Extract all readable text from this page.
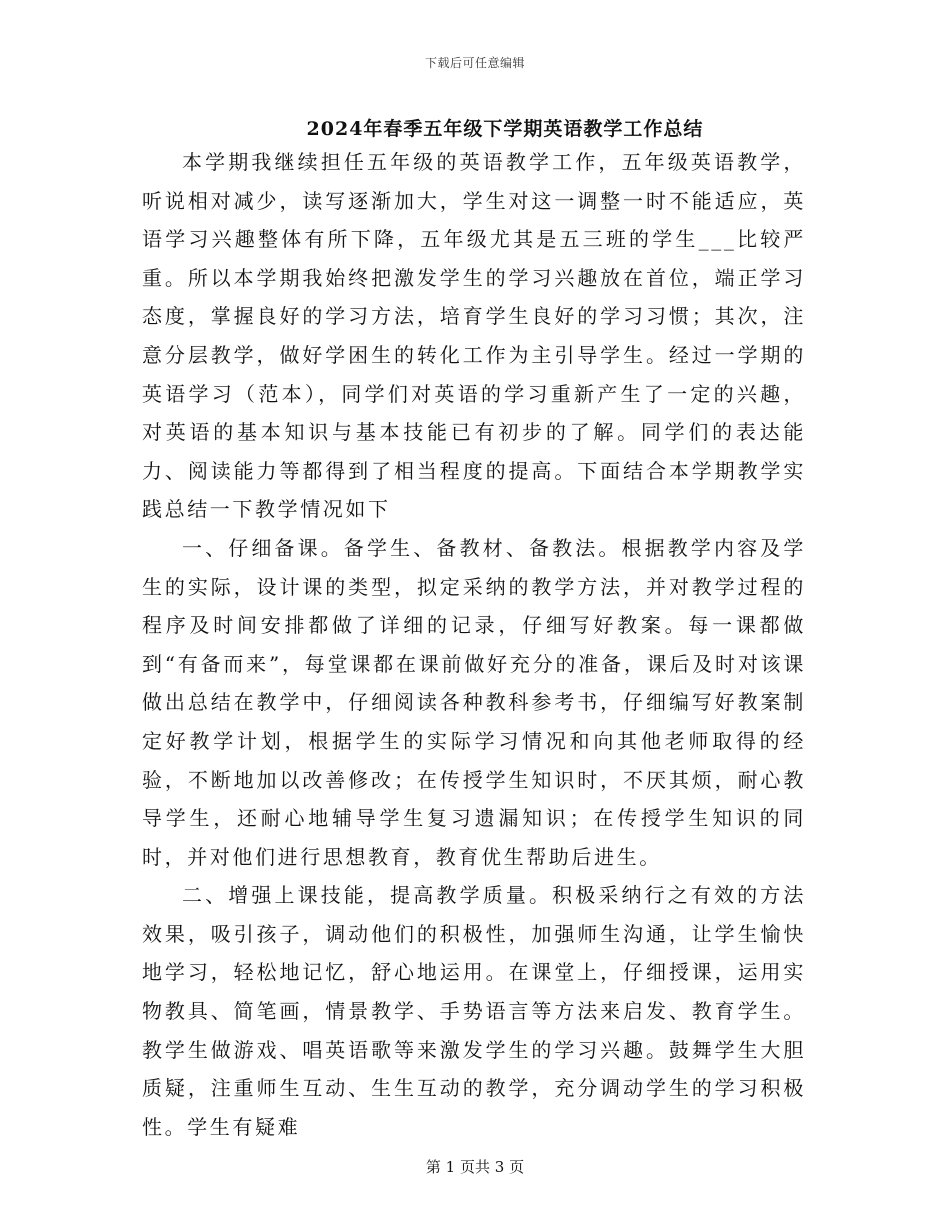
下载后可任意编辑
2024年春季五年级下学期英语教学工作总结

本学期我继续担任五年级的英语教学工作，五年级英语教学，听说相对减少，读写逐渐加大，学生对这一调整一时不能适应，英语学习兴趣整体有所下降，五年级尤其是五三班的学生___比较严重。所以本学期我始终把激发学生的学习兴趣放在首位，端正学习态度，掌握良好的学习方法，培育学生良好的学习习惯；其次，注意分层教学，做好学困生的转化工作为主引导学生。经过一学期的英语学习（范本），同学们对英语的学习重新产生了一定的兴趣，对英语的基本知识与基本技能已有初步的了解。同学们的表达能力、阅读能力等都得到了相当程度的提高。下面结合本学期教学实践总结一下教学情况如下

一、仔细备课。备学生、备教材、备教法。根据教学内容及学生的实际，设计课的类型，拟定采纳的教学方法，并对教学过程的程序及时间安排都做了详细的记录，仔细写好教案。每一课都做到“有备而来”，每堂课都在课前做好充分的准备，课后及时对该课做出总结在教学中，仔细阅读各种教科参考书，仔细编写好教案制定好教学计划，根据学生的实际学习情况和向其他老师取得的经验，不断地加以改善修改；在传授学生知识时，不厌其烦，耐心教导学生，还耐心地辅导学生复习遗漏知识；在传授学生知识的同时，并对他们进行思想教育，教育优生帮助后进生。

二、增强上课技能，提高教学质量。积极采纳行之有效的方法效果，吸引孩子，调动他们的积极性，加强师生沟通，让学生愉快地学习，轻松地记忆，舒心地运用。在课堂上，仔细授课，运用实物教具、简笔画，情景教学、手势语言等方法来启发、教育学生。教学生做游戏、唱英语歌等来激发学生的学习兴趣。鼓舞学生大胆质疑，注重师生互动、生生互动的教学，充分调动学生的学习积极性。学生有疑难

第 1 页共 3 页
